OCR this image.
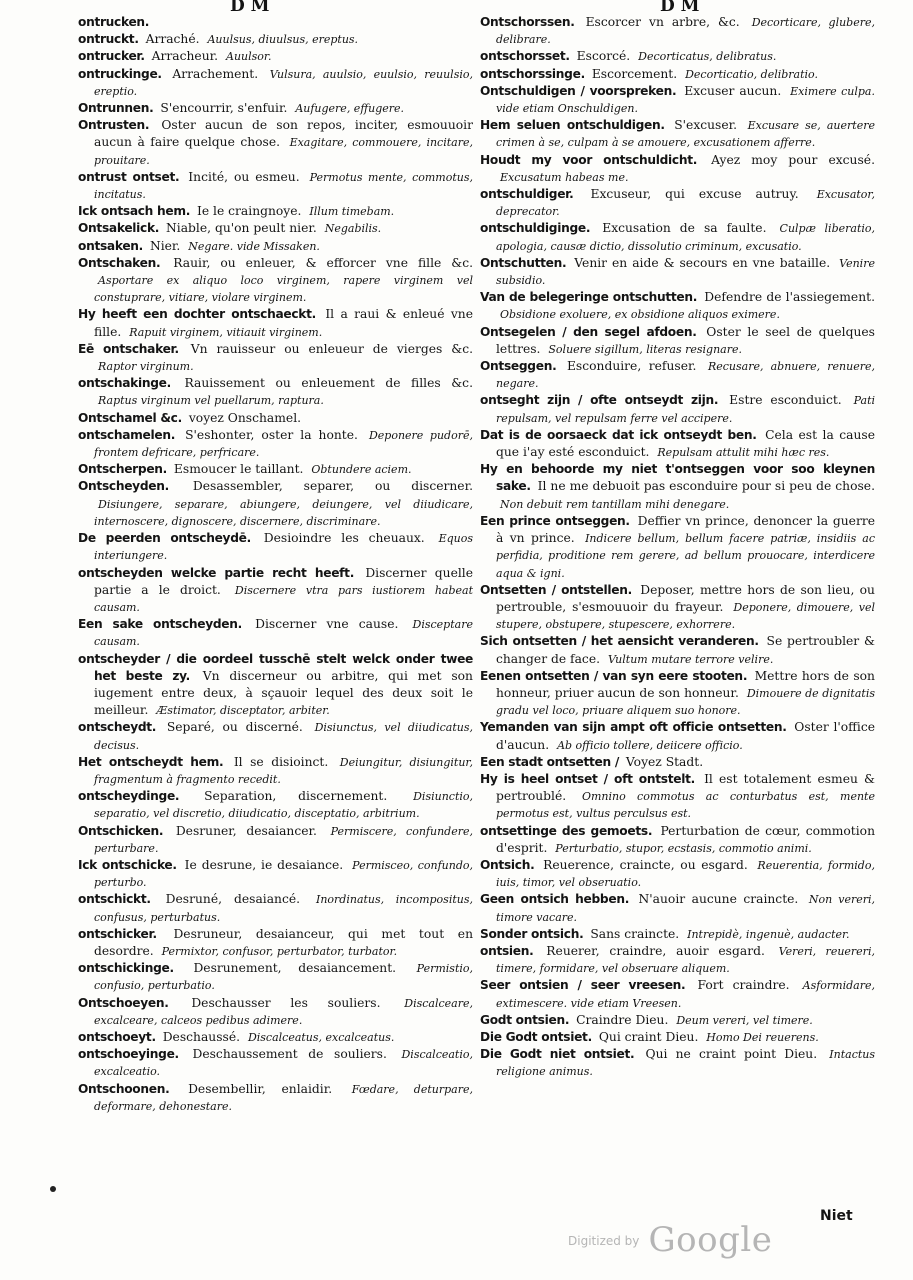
D M	D M

ontrucken.

ontruckt. Arraché. Auulsus, diuulsus, ereptus.

ontrucker. Arracheur. Auulsor.

ontruckinge. Arrachement. Vulsura, auulsio, euulsio, reuulsio, ereptio.

Ontrunnen. S'encourrir, s'enfuir. Aufugere, effugere.

Ontrusten. Oster aucun de son repos, inciter, esmouuoir aucun à faire quelque chose. Exagitare, commouere, incitare, prouitare.

ontrust ontset. Incité, ou esmeu. Permotus mente, commotus, incitatus.

Ick ontsach hem. Ie le craingnoye. Illum timebam.

Ontsakelick. Niable, qu'on peult nier. Negabilis.

ontsaken. Nier. Negare. vide Missaken.

Ontschaken. Rauir, ou enleuer, & efforcer vne fille &c. Asportare ex aliquo loco virginem, rapere virginem vel constuprare, vitiare, violare virginem.

Hy heeft een dochter ontschaeckt. Il a raui & enleué vne fille. Rapuit virginem, vitiauit virginem.

Eē ontschaker. Vn rauisseur ou enleueur de vierges &c. Raptor virginum.

ontschakinge. Rauissement ou enleuement de filles &c. Raptus virginum vel puellarum, raptura.

Ontschamel &c. voyez Onschamel.

ontschamelen. S'eshonter, oster la honte. Deponere pudorē, frontem defricare, perfricare.

Ontscherpen. Esmoucer le taillant. Obtundere aciem.

Ontscheyden. Desassembler, separer, ou discerner. Disiungere, separare, abiungere, deiungere, vel diiudicare, internoscere, dignoscere, discernere, discriminare.

De peerden ontscheydē. Desioindre les cheuaux. Equos interiungere.

ontscheyden welcke partie recht heeft. Discerner quelle partie a le droict. Discernere vtra pars iustiorem habeat causam.

Een sake ontscheyden. Discerner vne cause. Disceptare causam.

ontscheyder / die oordeel tusschē stelt welck onder twee het beste zy. Vn discerneur ou arbitre, qui met son iugement entre deux, à sçauoir lequel des deux soit le meilleur. Æstimator, disceptator, arbiter.

ontscheydt. Separé, ou discerné. Disiunctus, vel diiudicatus, decisus.

Het ontscheydt hem. Il se disioinct. Deiungitur, disiungitur, fragmentum à fragmento recedit.

ontscheydinge. Separation, discernement. Disiunctio, separatio, vel discretio, diiudicatio, disceptatio, arbitrium.

Ontschicken. Desruner, desaiancer. Permiscere, confundere, perturbare.

Ick ontschicke. Ie desrune, ie desaiance. Permisceo, confundo, perturbo.

ontschickt. Desruné, desaiancé. Inordinatus, incompositus, confusus, perturbatus.

ontschicker. Desruneur, desaianceur, qui met tout en desordre. Permixtor, confusor, perturbator, turbator.

ontschickinge. Desrunement, desaiancement. Permistio, confusio, perturbatio.

Ontschoeyen. Deschausser les souliers. Discalceare, excalceare, calceos pedibus adimere.

ontschoeyt. Deschaussé. Discalceatus, excalceatus.

ontschoeyinge. Deschaussement de souliers. Discalceatio, excalceatio.

Ontschoonen. Desembellir, enlaidir. Fœdare, deturpare, deformare, dehonestare.

Ontschorssen. Escorcer vn arbre, &c. Decorticare, glubere, delibrare.

ontschorsset. Escorcé. Decorticatus, delibratus.

ontschorssinge. Escorcement. Decorticatio, delibratio.

Ontschuldigen / voorspreken. Excuser aucun. Eximere culpa. vide etiam Onschuldigen.

Hem seluen ontschuldigen. S'excuser. Excusare se, auertere crimen à se, culpam à se amouere, excusationem afferre.

Houdt my voor ontschuldicht. Ayez moy pour excusé. Excusatum habeas me.

ontschuldiger. Excuseur, qui excuse autruy. Excusator, deprecator.

ontschuldiginge. Excusation de sa faulte. Culpæ liberatio, apologia, causæ dictio, dissolutio criminum, excusatio.

Ontschutten. Venir en aide & secours en vne bataille. Venire subsidio.

Van de belegeringe ontschutten. Defendre de l'assiegement. Obsidione exoluere, ex obsidione aliquos eximere.

Ontsegelen / den segel afdoen. Oster le seel de quelques lettres. Soluere sigillum, literas resignare.

Ontseggen. Esconduire, refuser. Recusare, abnuere, renuere, negare.

ontseght zijn / ofte ontseydt zijn. Estre esconduict. Pati repulsam, vel repulsam ferre vel accipere.

Dat is de oorsaeck dat ick ontseydt ben. Cela est la cause que i'ay esté esconduict. Repulsam attulit mihi hæc res.

Hy en behoorde my niet t'ontseggen voor soo kleynen sake. Il ne me debuoit pas esconduire pour si peu de chose. Non debuit rem tantillam mihi denegare.

Een prince ontseggen. Deffier vn prince, denoncer la guerre à vn prince. Indicere bellum, bellum facere patriæ, insidiis ac perfidia, proditione rem gerere, ad bellum prouocare, interdicere aqua & igni.

Ontsetten / ontstellen. Deposer, mettre hors de son lieu, ou pertrouble, s'esmouuoir du frayeur. Deponere, dimouere, vel stupere, obstupere, stupescere, exhorrere.

Sich ontsetten / het aensicht veranderen. Se pertroubler & changer de face. Vultum mutare terrore velire.

Eenen ontsetten / van syn eere stooten. Mettre hors de son honneur, priuer aucun de son honneur. Dimouere de dignitatis gradu vel loco, priuare aliquem suo honore.

Yemanden van sijn ampt oft officie ontsetten. Oster l'office d'aucun. Ab officio tollere, deiicere officio.

Een stadt ontsetten / Voyez Stadt.

Hy is heel ontset / oft ontstelt. Il est totalement esmeu & pertroublé. Omnino commotus ac conturbatus est, mente permotus est, vultus perculsus est.

ontsettinge des gemoets. Perturbation de cœur, commotion d'esprit. Perturbatio, stupor, ecstasis, commotio animi.

Ontsich. Reuerence, craincte, ou esgard. Reuerentia, formido, iuis, timor, vel obseruatio.

Geen ontsich hebben. N'auoir aucune craincte. Non vereri, timore vacare.

Sonder ontsich. Sans craincte. Intrepidè, ingenuè, audacter.

ontsien. Reuerer, craindre, auoir esgard. Vereri, reuereri, timere, formidare, vel obseruare aliquem.

Seer ontsien / seer vreesen. Fort craindre. Asformidare, extimescere. vide etiam Vreesen.

Godt ontsien. Craindre Dieu. Deum vereri, vel timere.

Die Godt ontsiet. Qui craint Dieu. Homo Dei reuerens.

Die Godt niet ontsiet. Qui ne craint point Dieu. Intactus religione animus.

Niet
$^{Digitized by}$ Google
